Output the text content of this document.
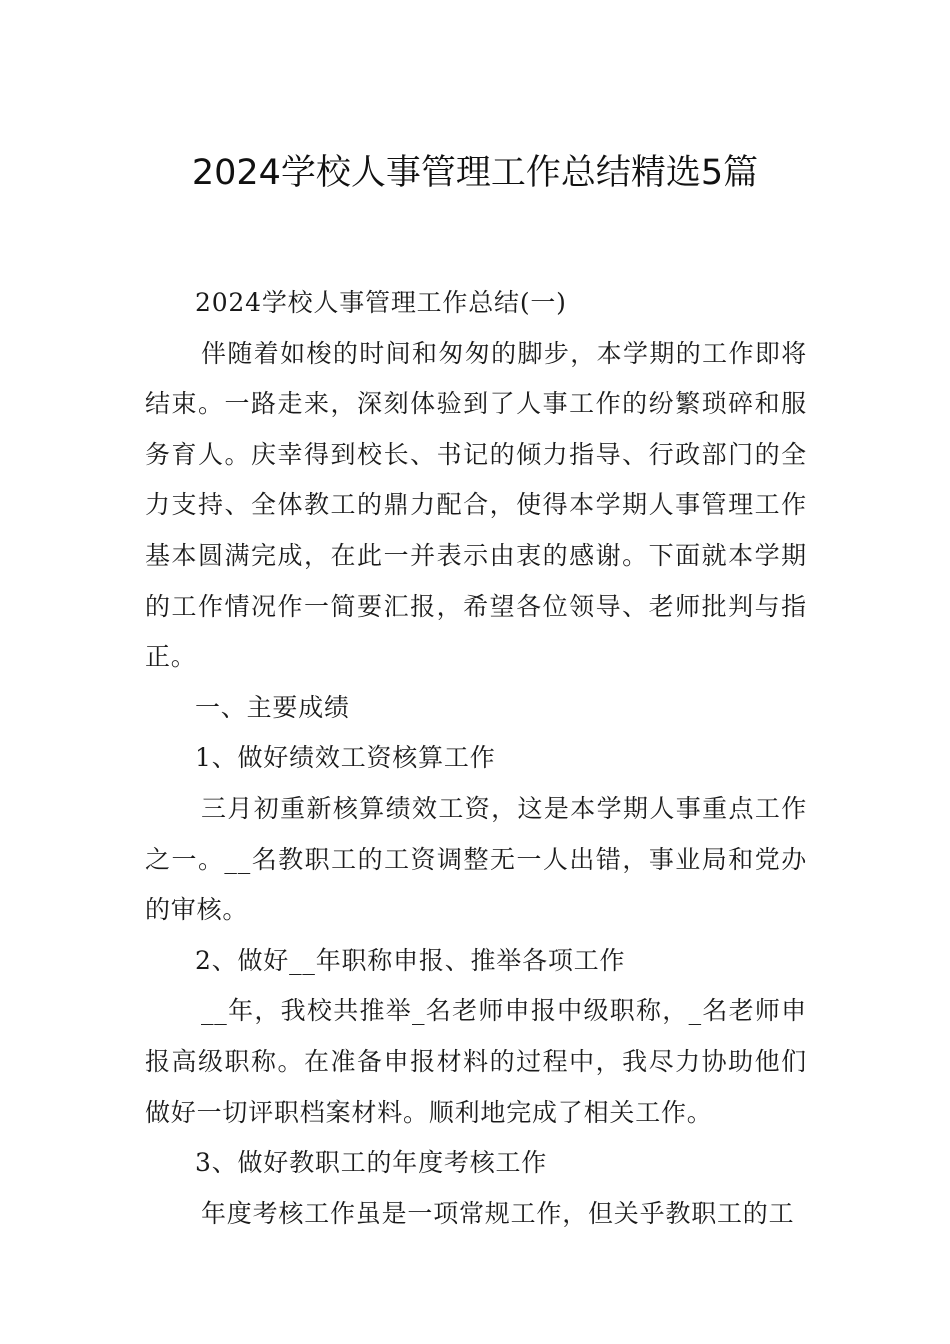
2024学校人事管理工作总结精选5篇

2024学校人事管理工作总结(一)

伴随着如梭的时间和匆匆的脚步，本学期的工作即将结束。一路走来，深刻体验到了人事工作的纷繁琐碎和服务育人。庆幸得到校长、书记的倾力指导、行政部门的全力支持、全体教工的鼎力配合，使得本学期人事管理工作基本圆满完成，在此一并表示由衷的感谢。下面就本学期的工作情况作一简要汇报，希望各位领导、老师批判与指正。

一、主要成绩

1、做好绩效工资核算工作

三月初重新核算绩效工资，这是本学期人事重点工作之一。__名教职工的工资调整无一人出错，事业局和党办的审核。

2、做好__年职称申报、推举各项工作

__年，我校共推举_名老师申报中级职称，_名老师申报高级职称。在准备申报材料的过程中，我尽力协助他们做好一切评职档案材料。顺利地完成了相关工作。

3、做好教职工的年度考核工作

年度考核工作虽是一项常规工作，但关乎教职工的工
